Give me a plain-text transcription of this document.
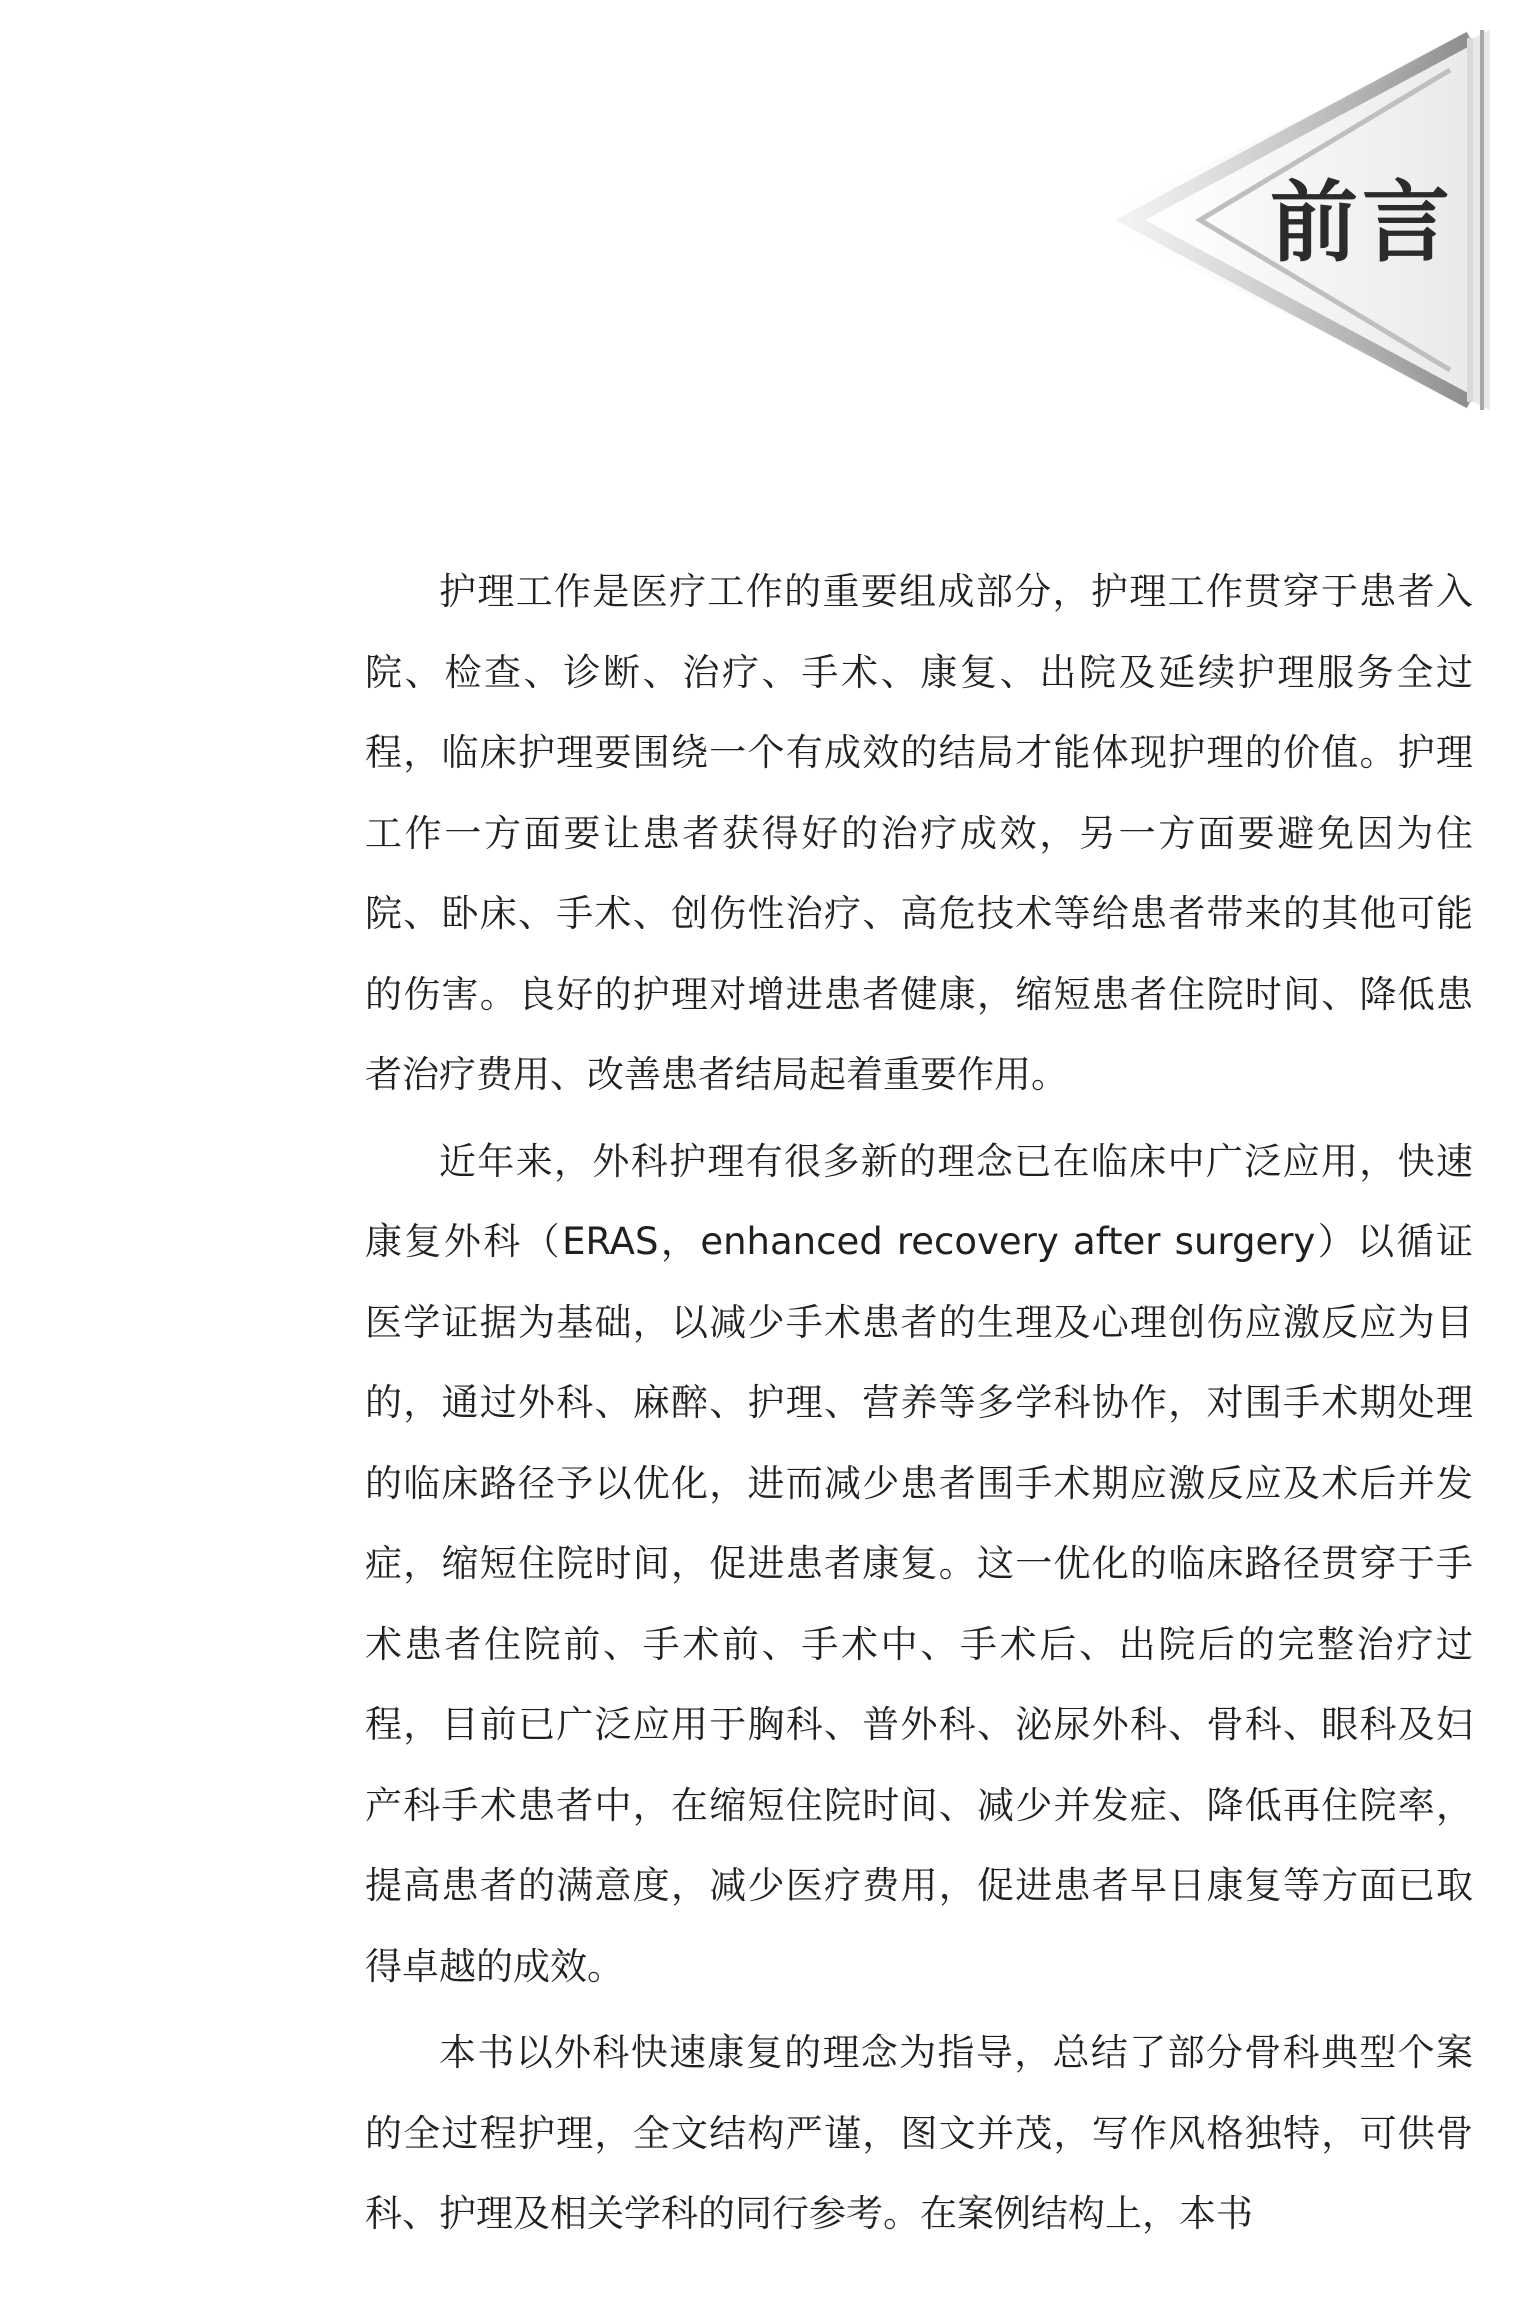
前言

护理工作是医疗工作的重要组成部分，护理工作贯穿于患者入院、检查、诊断、治疗、手术、康复、出院及延续护理服务全过程，临床护理要围绕一个有成效的结局才能体现护理的价值。护理工作一方面要让患者获得好的治疗成效，另一方面要避免因为住院、卧床、手术、创伤性治疗、高危技术等给患者带来的其他可能的伤害。良好的护理对增进患者健康，缩短患者住院时间、降低患者治疗费用、改善患者结局起着重要作用。

近年来，外科护理有很多新的理念已在临床中广泛应用，快速康复外科（ERAS，enhanced recovery after surgery）以循证医学证据为基础，以减少手术患者的生理及心理创伤应激反应为目的，通过外科、麻醉、护理、营养等多学科协作，对围手术期处理的临床路径予以优化，进而减少患者围手术期应激反应及术后并发症，缩短住院时间，促进患者康复。这一优化的临床路径贯穿于手术患者住院前、手术前、手术中、手术后、出院后的完整治疗过程，目前已广泛应用于胸科、普外科、泌尿外科、骨科、眼科及妇产科手术患者中，在缩短住院时间、减少并发症、降低再住院率，提高患者的满意度，减少医疗费用，促进患者早日康复等方面已取得卓越的成效。

本书以外科快速康复的理念为指导，总结了部分骨科典型个案的全过程护理，全文结构严谨，图文并茂，写作风格独特，可供骨科、护理及相关学科的同行参考。在案例结构上，本书
